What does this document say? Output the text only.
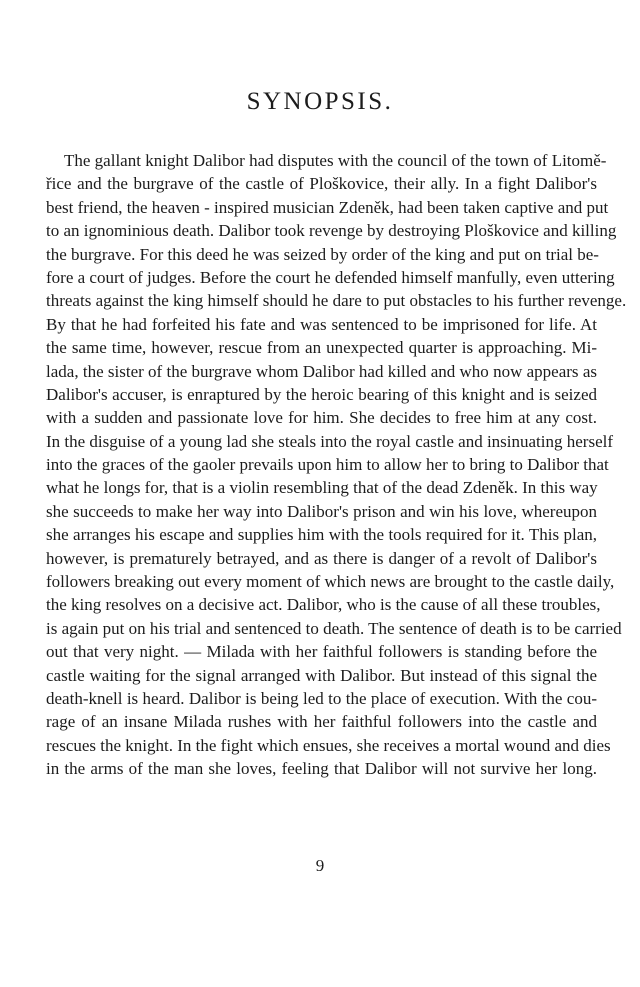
SYNOPSIS.
The gallant knight Dalibor had disputes with the council of the town of Litomě-
řice and the burgrave of the castle of Ploškovice, their ally. In a fight Dalibor's
best friend, the heaven - inspired musician Zdeněk, had been taken captive and put
to an ignominious death. Dalibor took revenge by destroying Ploškovice and killing
the burgrave. For this deed he was seized by order of the king and put on trial be-
fore a court of judges. Before the court he defended himself manfully, even uttering
threats against the king himself should he dare to put obstacles to his further revenge.
By that he had forfeited his fate and was sentenced to be imprisoned for life. At
the same time, however, rescue from an unexpected quarter is approaching. Mi-
lada, the sister of the burgrave whom Dalibor had killed and who now appears as
Dalibor's accuser, is enraptured by the heroic bearing of this knight and is seized
with a sudden and passionate love for him. She decides to free him at any cost.
In the disguise of a young lad she steals into the royal castle and insinuating herself
into the graces of the gaoler prevails upon him to allow her to bring to Dalibor that
what he longs for, that is a violin resembling that of the dead Zdeněk. In this way
she succeeds to make her way into Dalibor's prison and win his love, whereupon
she arranges his escape and supplies him with the tools required for it. This plan,
however, is prematurely betrayed, and as there is danger of a revolt of Dalibor's
followers breaking out every moment of which news are brought to the castle daily,
the king resolves on a decisive act. Dalibor, who is the cause of all these troubles,
is again put on his trial and sentenced to death. The sentence of death is to be carried
out that very night. — Milada with her faithful followers is standing before the
castle waiting for the signal arranged with Dalibor. But instead of this signal the
death-knell is heard. Dalibor is being led to the place of execution. With the cou-
rage of an insane Milada rushes with her faithful followers into the castle and
rescues the knight. In the fight which ensues, she receives a mortal wound and dies
in the arms of the man she loves, feeling that Dalibor will not survive her long.
9
